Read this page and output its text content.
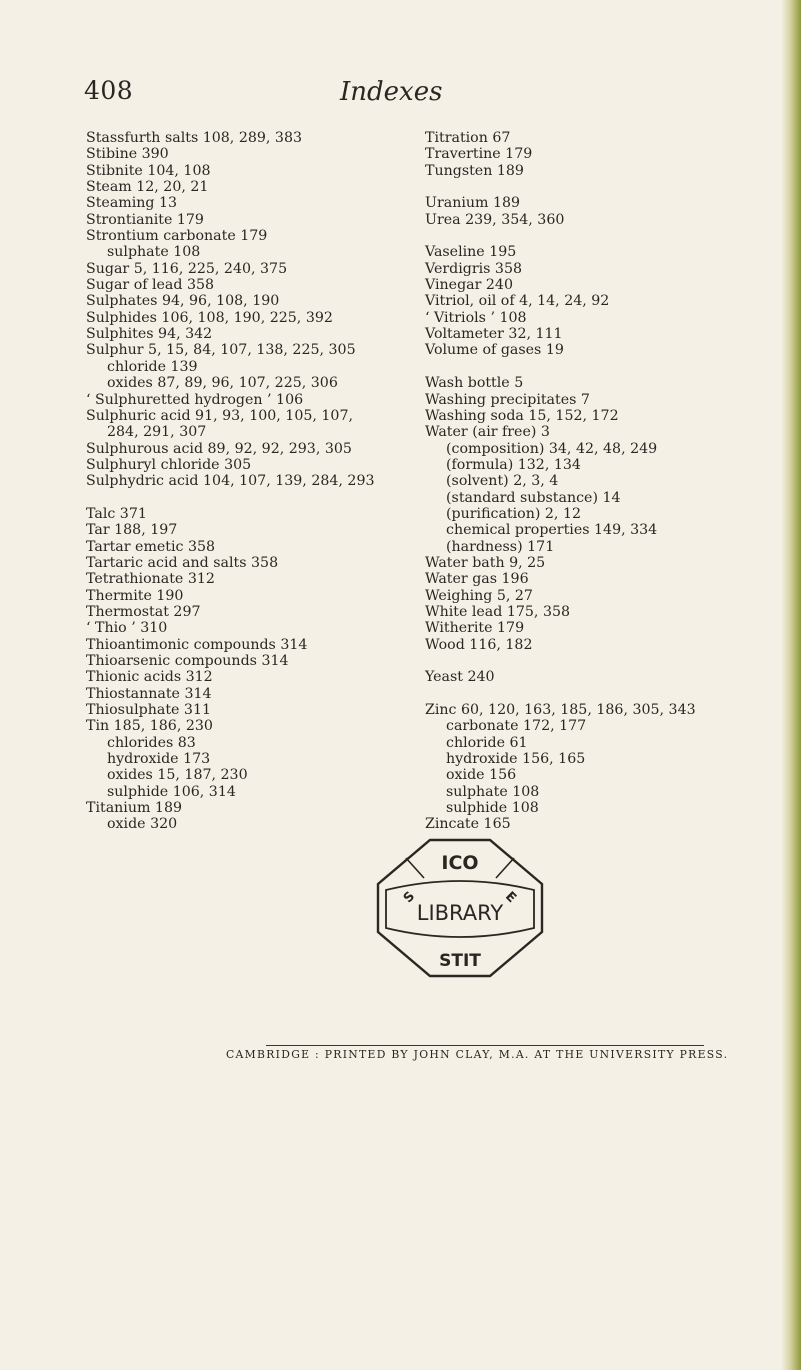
408	Indexes
Stassfurth salts 108, 289, 383
Stibine 390
Stibnite 104, 108
Steam 12, 20, 21
Steaming 13
Strontianite 179
Strontium carbonate 179
sulphate 108
Sugar 5, 116, 225, 240, 375
Sugar of lead 358
Sulphates 94, 96, 108, 190
Sulphides 106, 108, 190, 225, 392
Sulphites 94, 342
Sulphur 5, 15, 84, 107, 138, 225, 305
chloride 139
oxides 87, 89, 96, 107, 225, 306
‘ Sulphuretted hydrogen ’ 106
Sulphuric acid 91, 93, 100, 105, 107,
284, 291, 307
Sulphurous acid 89, 92, 92, 293, 305
Sulphuryl chloride 305
Sulphydric acid 104, 107, 139, 284, 293
Talc 371
Tar 188, 197
Tartar emetic 358
Tartaric acid and salts 358
Tetrathionate 312
Thermite 190
Thermostat 297
‘ Thio ’ 310
Thioantimonic compounds 314
Thioarsenic compounds 314
Thionic acids 312
Thiostannate 314
Thiosulphate 311
Tin 185, 186, 230
chlorides 83
hydroxide 173
oxides 15, 187, 230
sulphide 106, 314
Titanium 189
oxide 320
Titration 67
Travertine 179
Tungsten 189
Uranium 189
Urea 239, 354, 360
Vaseline 195
Verdigris 358
Vinegar 240
Vitriol, oil of 4, 14, 24, 92
‘ Vitriols ’ 108
Voltameter 32, 111
Volume of gases 19
Wash bottle 5
Washing precipitates 7
Washing soda 15, 152, 172
Water (air free) 3
(composition) 34, 42, 48, 249
(formula) 132, 134
(solvent) 2, 3, 4
(standard substance) 14
(purification) 2, 12
chemical properties 149, 334
(hardness) 171
Water bath 9, 25
Water gas 196
Weighing 5, 27
White lead 175, 358
Witherite 179
Wood 116, 182
Yeast 240
Zinc 60, 120, 163, 185, 186, 305, 343
carbonate 172, 177
chloride 61
hydroxide 156, 165
oxide 156
sulphate 108
sulphide 108
Zincate 165
ICO
LIBRARY
STIT
S	E
CAMBRIDGE : PRINTED BY JOHN CLAY, M.A. AT THE UNIVERSITY PRESS.
